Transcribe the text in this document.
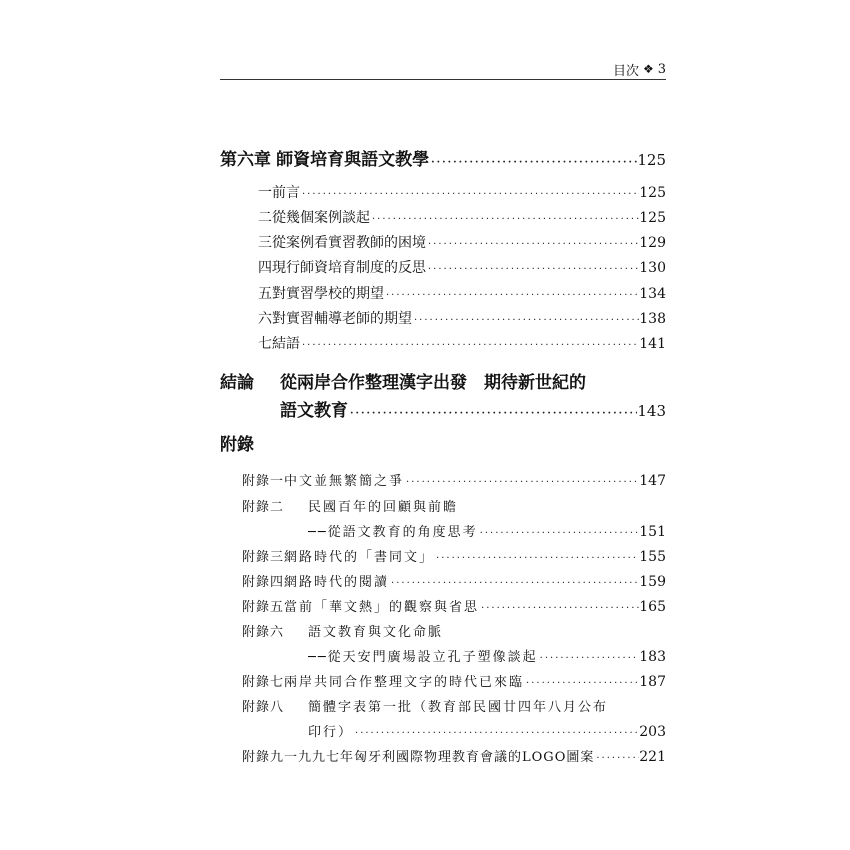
目次 ❖ 3
第六章 師資培育與語文教學 ·····	125
一 前言 ·····	125
二 從幾個案例談起 ·····	125
三 從案例看實習教師的困境 ·····	129
四 現行師資培育制度的反思 ·····	130
五 對實習學校的期望 ·····	134
六 對實習輔導老師的期望 ·····	138
七 結語 ·····	141
結論 從兩岸合作整理漢字出發　期待新世紀的
語文教育 ·····	143
附錄
附錄一 中文並無繁簡之爭 ·····	147
附錄二	民國百年的回顧與前瞻
──從語文教育的角度思考 ·····	151
附錄三 網路時代的「書同文」 ·····	155
附錄四 網路時代的閱讀 ·····	159
附錄五 當前「華文熱」的觀察與省思 ·····	165
附錄六	語文教育與文化命脈
──從天安門廣場設立孔子塑像談起 ·····	183
附錄七 兩岸共同合作整理文字的時代已來臨 ·····	187
附錄八	簡體字表第一批（教育部民國廿四年八月公布
印行） ·····	203
附錄九 一九九七年匈牙利國際物理教育會議的LOGO圖案 ·····	221
